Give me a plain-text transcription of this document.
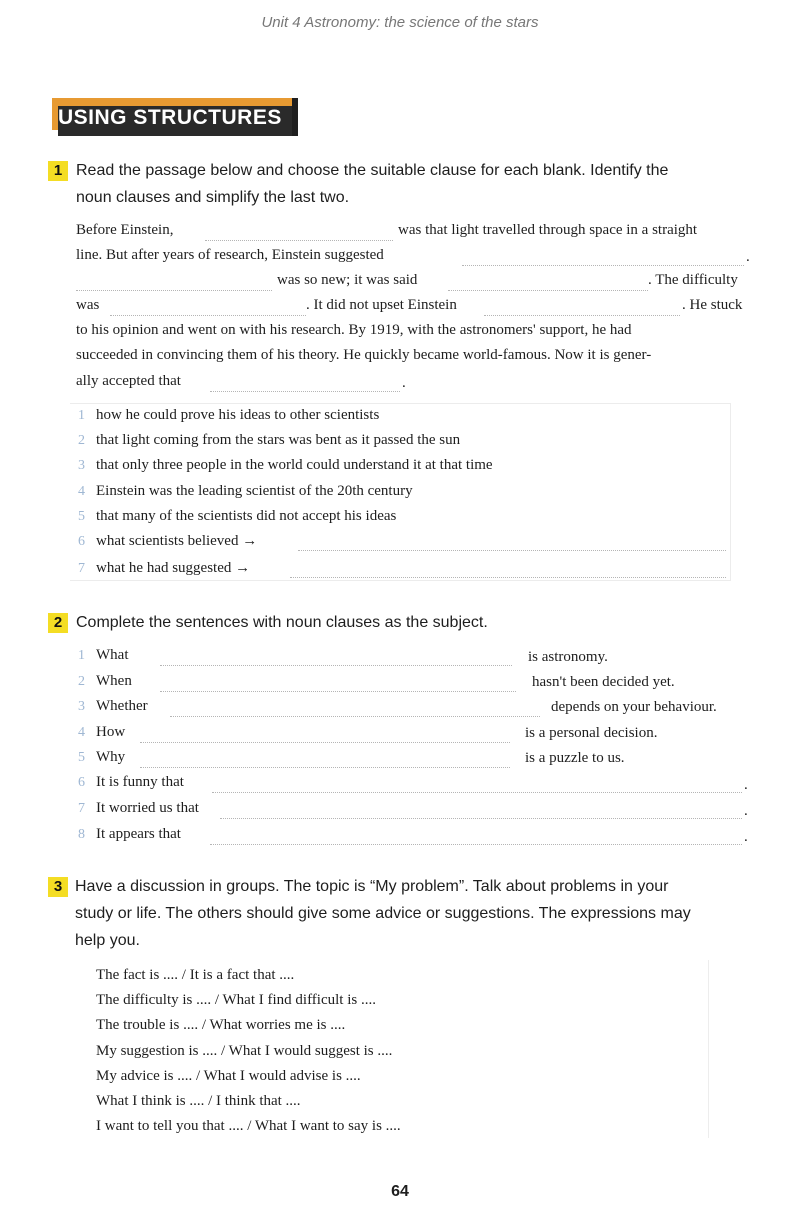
Unit 4 Astronomy: the science of the stars
USING STRUCTURES
1 Read the passage below and choose the suitable clause for each blank. Identify the
noun clauses and simplify the last two.
Before Einstein,	was that light travelled through space in a straight
line. But after years of research, Einstein suggested	.
was so new; it was said	. The difficulty
was	. It did not upset Einstein	. He stuck
to his opinion and went on with his research. By 1919, with the astronomers' support, he had
succeeded in convincing them of his theory. He quickly became world-famous. Now it is gener-
ally accepted that	.
1 how he could prove his ideas to other scientists
2 that light coming from the stars was bent as it passed the sun
3 that only three people in the world could understand it at that time
4 Einstein was the leading scientist of the 20th century
5 that many of the scientists did not accept his ideas
6 what scientists believed →
7 what he had suggested →
2 Complete the sentences with noun clauses as the subject.
1 What	is astronomy.
2 When	hasn't been decided yet.
3 Whether	depends on your behaviour.
4 How	is a personal decision.
5 Why	is a puzzle to us.
6 It is funny that	.
7 It worried us that	.
8 It appears that	.
3 Have a discussion in groups. The topic is “My problem”. Talk about problems in your
study or life. The others should give some advice or suggestions. The expressions may
help you.
The fact is .... / It is a fact that ....
The difficulty is .... / What I find difficult is ....
The trouble is .... / What worries me is ....
My suggestion is .... / What I would suggest is ....
My advice is .... / What I would advise is ....
What I think is .... / I think that ....
I want to tell you that .... / What I want to say is ....
64
